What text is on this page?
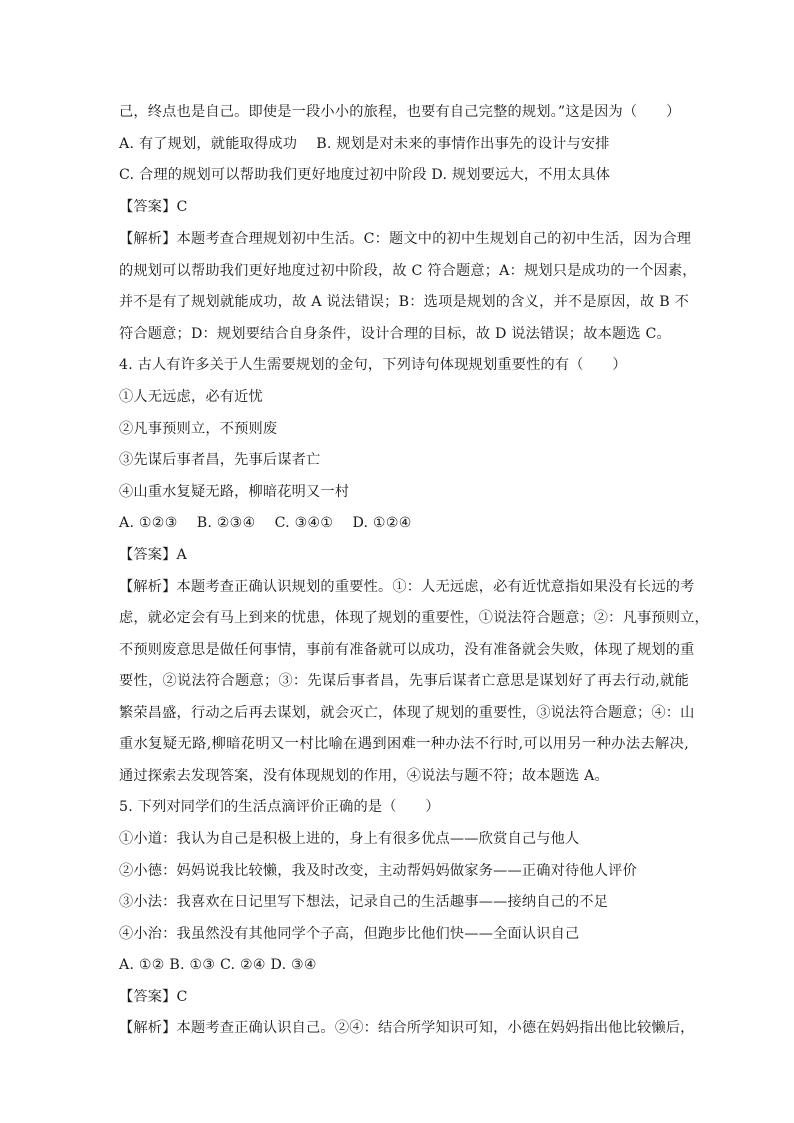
己，终点也是自己。即使是一段小小的旅程，也要有自己完整的规划。”这是因为（　　）
A. 有了规划，就能取得成功　 B. 规划是对未来的事情作出事先的设计与安排
C. 合理的规划可以帮助我们更好地度过初中阶段 D. 规划要远大，不用太具体
【答案】C
【解析】本题考查合理规划初中生活。C：题文中的初中生规划自己的初中生活，因为合理
的规划可以帮助我们更好地度过初中阶段，故 C 符合题意；A：规划只是成功的一个因素，
并不是有了规划就能成功，故 A 说法错误；B：选项是规划的含义，并不是原因，故 B 不
符合题意；D：规划要结合自身条件，设计合理的目标，故 D 说法错误；故本题选 C。
4. 古人有许多关于人生需要规划的金句，下列诗句体现规划重要性的有（　　）
①人无远虑，必有近忧
②凡事预则立，不预则废
③先谋后事者昌，先事后谋者亡
④山重水复疑无路，柳暗花明又一村
A. ①②③　 B. ②③④　 C. ③④①　 D. ①②④
【答案】A
【解析】本题考查正确认识规划的重要性。①：人无远虑，必有近忧意指如果没有长远的考
虑，就必定会有马上到来的忧患，体现了规划的重要性，①说法符合题意；②：凡事预则立，
不预则废意思是做任何事情，事前有准备就可以成功，没有准备就会失败，体现了规划的重
要性，②说法符合题意；③：先谋后事者昌，先事后谋者亡意思是谋划好了再去行动,就能
繁荣昌盛，行动之后再去谋划，就会灭亡，体现了规划的重要性，③说法符合题意；④：山
重水复疑无路,柳暗花明又一村比喻在遇到困难一种办法不行时,可以用另一种办法去解决,
通过探索去发现答案，没有体现规划的作用，④说法与题不符；故本题选 A。
5. 下列对同学们的生活点滴评价正确的是（　　）
①小道：我认为自己是积极上进的，身上有很多优点——欣赏自己与他人
②小德：妈妈说我比较懒，我及时改变，主动帮妈妈做家务——正确对待他人评价
③小法：我喜欢在日记里写下想法，记录自己的生活趣事——接纳自己的不足
④小治：我虽然没有其他同学个子高，但跑步比他们快——全面认识自己
A. ①② B. ①③ C. ②④ D. ③④
【答案】C
【解析】本题考查正确认识自己。②④：结合所学知识可知，小德在妈妈指出他比较懒后，
